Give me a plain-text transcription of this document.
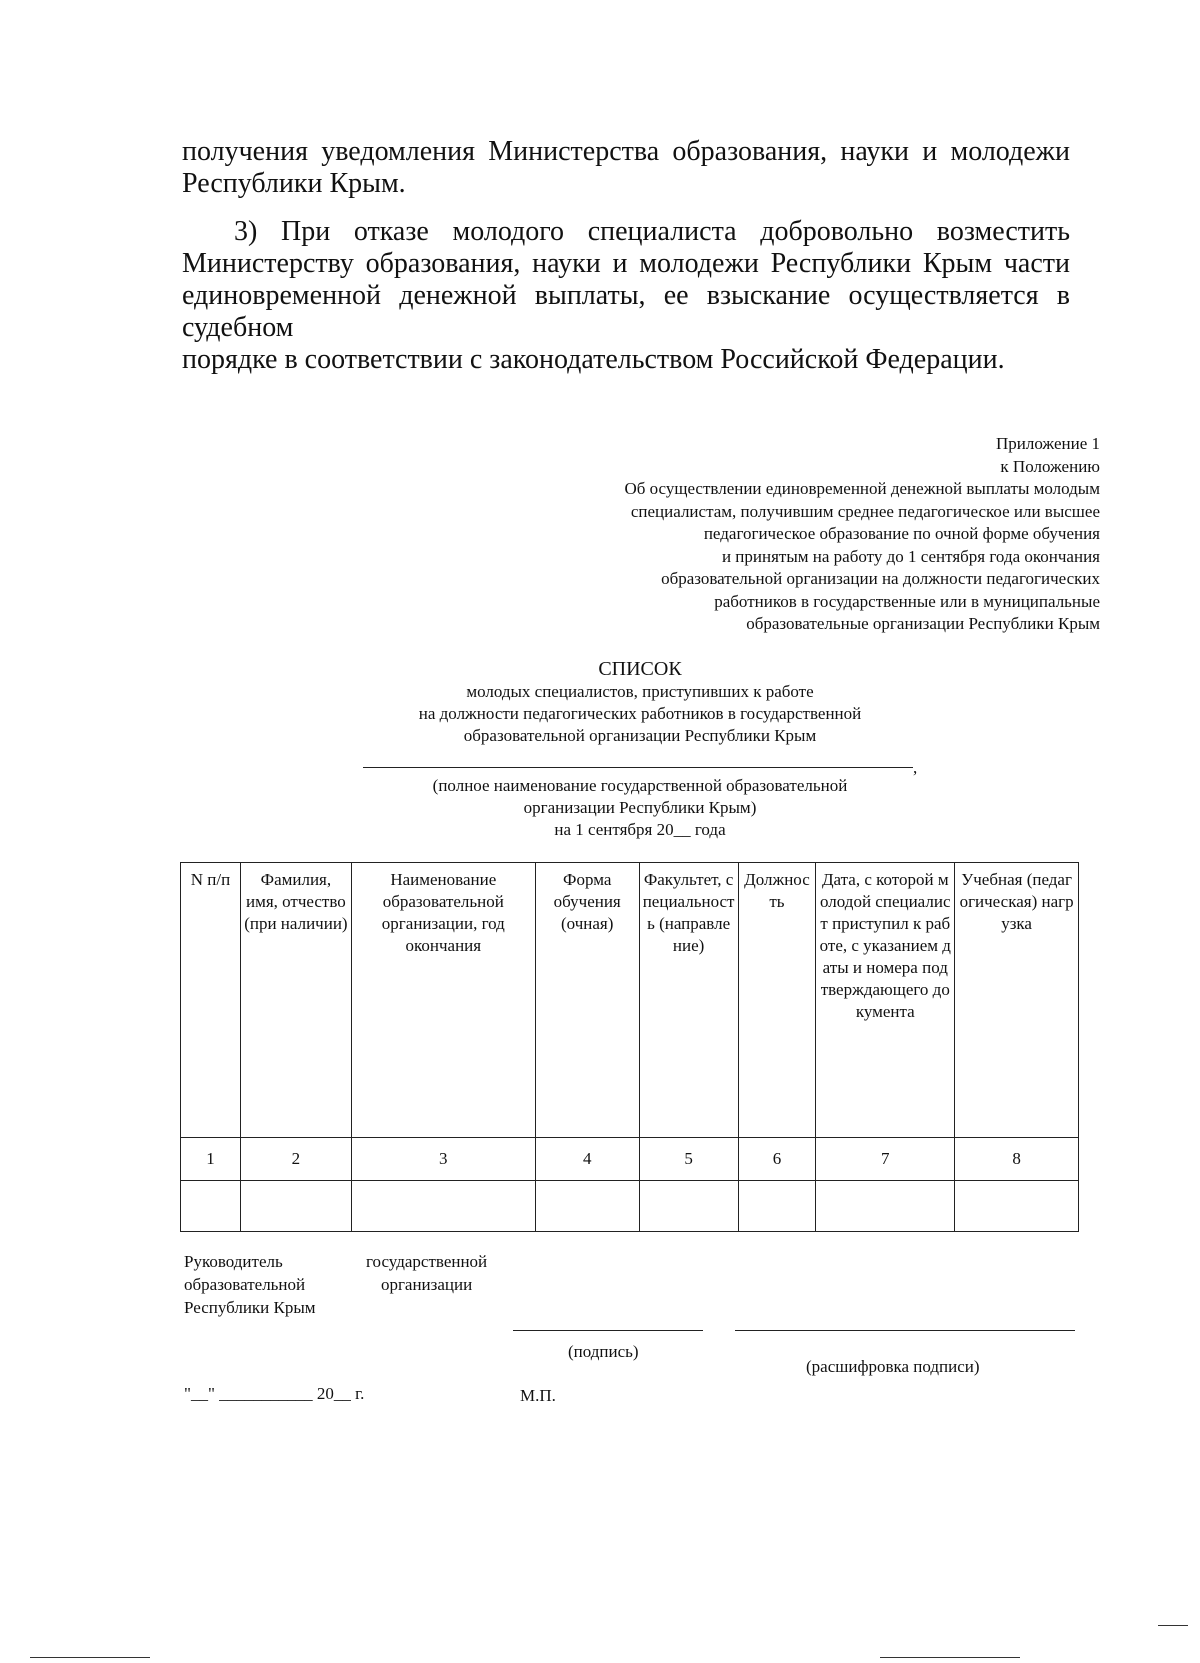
получения уведомления Министерства образования, науки и молодежи
Республики Крым.
3) При отказе молодого специалиста добровольно возместить
Министерству образования, науки и молодежи Республики Крым части
единовременной денежной выплаты, ее взыскание осуществляется в судебном
порядке в соответствии с законодательством Российской Федерации.
Приложение 1
к Положению
Об осуществлении единовременной денежной выплаты молодым
специалистам, получившим среднее педагогическое или высшее
педагогическое образование по очной форме обучения
и принятым на работу до 1 сентября года окончания
образовательной организации на должности педагогических
работников в государственные или в муниципальные
образовательные организации Республики Крым
СПИСОК
молодых специалистов, приступивших к работе
на должности педагогических работников в государственной
образовательной организации Республики Крым
,
(полное наименование государственной образовательной
организации Республики Крым)
на 1 сентября 20__ года
N п/п	Фамилия, имя, отчество (при наличии)	Наименование образовательной организации, год окончания	Форма обучения (очная)	Факультет, специальность (направление)	Должность	Дата, с которой молодой специалист приступил к работе, с указанием даты и номера подтверждающего документа	Учебная (педагогическая) нагрузка
1	2	3	4	5	6	7	8

Руководитель
образовательной
Республики Крым
государственной
организации
(подпись)
(расшифровка подписи)
"__" ___________ 20__ г.	М.П.
